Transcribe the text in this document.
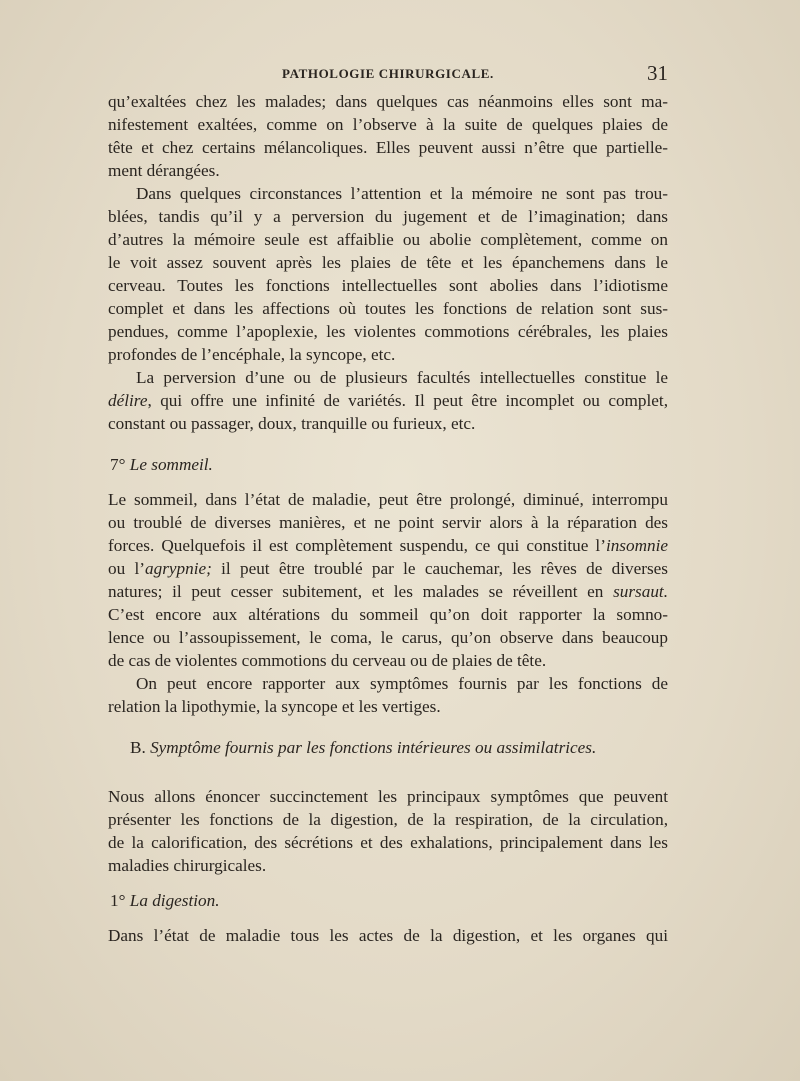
PATHOLOGIE CHIRURGICALE.	31

qu’exaltées chez les malades; dans quelques cas néanmoins elles sont ma-
nifestement exaltées, comme on l’observe à la suite de quelques plaies de
tête et chez certains mélancoliques. Elles peuvent aussi n’être que partielle-
ment dérangées.

Dans quelques circonstances l’attention et la mémoire ne sont pas trou-
blées, tandis qu’il y a perversion du jugement et de l’imagination; dans
d’autres la mémoire seule est affaiblie ou abolie complètement, comme on
le voit assez souvent après les plaies de tête et les épanchemens dans le
cerveau. Toutes les fonctions intellectuelles sont abolies dans l’idiotisme
complet et dans les affections où toutes les fonctions de relation sont sus-
pendues, comme l’apoplexie, les violentes commotions cérébrales, les plaies
profondes de l’encéphale, la syncope, etc.

La perversion d’une ou de plusieurs facultés intellectuelles constitue le
délire, qui offre une infinité de variétés. Il peut être incomplet ou complet,
constant ou passager, doux, tranquille ou furieux, etc.

7° Le sommeil.

Le sommeil, dans l’état de maladie, peut être prolongé, diminué, interrompu
ou troublé de diverses manières, et ne point servir alors à la réparation des
forces. Quelquefois il est complètement suspendu, ce qui constitue l’insomnie
ou l’agrypnie; il peut être troublé par le cauchemar, les rêves de diverses
natures; il peut cesser subitement, et les malades se réveillent en sursaut.
C’est encore aux altérations du sommeil qu’on doit rapporter la somno-
lence ou l’assoupissement, le coma, le carus, qu’on observe dans beaucoup
de cas de violentes commotions du cerveau ou de plaies de tête.

On peut encore rapporter aux symptômes fournis par les fonctions de
relation la lipothymie, la syncope et les vertiges.

B. Symptôme fournis par les fonctions intérieures ou assimilatrices.

Nous allons énoncer succinctement les principaux symptômes que peuvent
présenter les fonctions de la digestion, de la respiration, de la circulation,
de la calorification, des sécrétions et des exhalations, principalement dans les
maladies chirurgicales.

1° La digestion.

Dans l’état de maladie tous les actes de la digestion, et les organes qui
